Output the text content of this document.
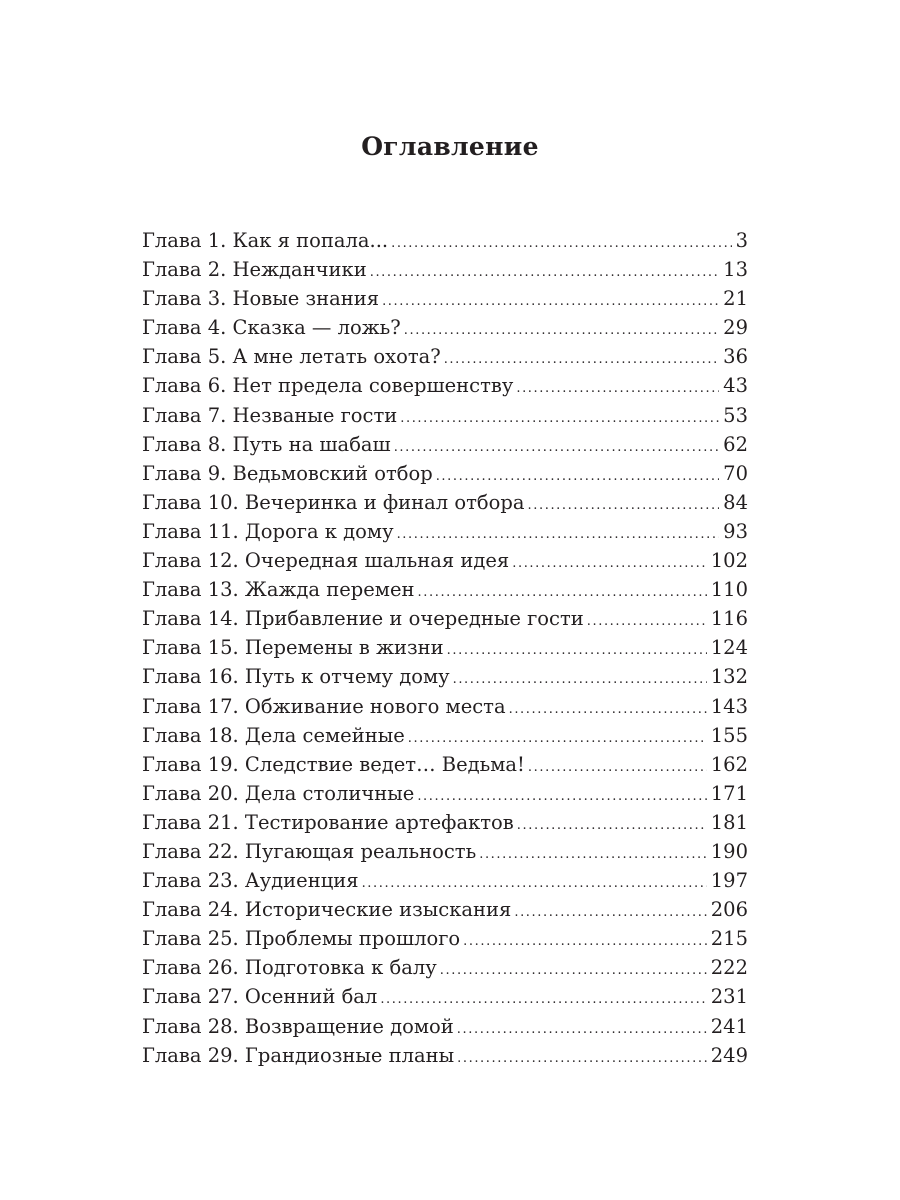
Оглавление
Глава 1. Как я попала... .....	3
Глава 2. Нежданчики .....	13
Глава 3. Новые знания .....	21
Глава 4. Сказка — ложь? .....	29
Глава 5. А мне летать охота? .....	36
Глава 6. Нет предела совершенству .....	43
Глава 7. Незваные гости .....	53
Глава 8. Путь на шабаш .....	62
Глава 9. Ведьмовский отбор .....	70
Глава 10. Вечеринка и финал отбора .....	84
Глава 11. Дорога к дому .....	93
Глава 12. Очередная шальная идея .....	102
Глава 13. Жажда перемен .....	110
Глава 14. Прибавление и очередные гости .....	116
Глава 15. Перемены в жизни .....	124
Глава 16. Путь к отчему дому .....	132
Глава 17. Обживание нового места .....	143
Глава 18. Дела семейные .....	155
Глава 19. Следствие ведет… Ведьма! .....	162
Глава 20. Дела столичные .....	171
Глава 21. Тестирование артефактов .....	181
Глава 22. Пугающая реальность .....	190
Глава 23. Аудиенция .....	197
Глава 24. Исторические изыскания .....	206
Глава 25. Проблемы прошлого .....	215
Глава 26. Подготовка к балу .....	222
Глава 27. Осенний бал .....	231
Глава 28. Возвращение домой .....	241
Глава 29. Грандиозные планы .....	249
